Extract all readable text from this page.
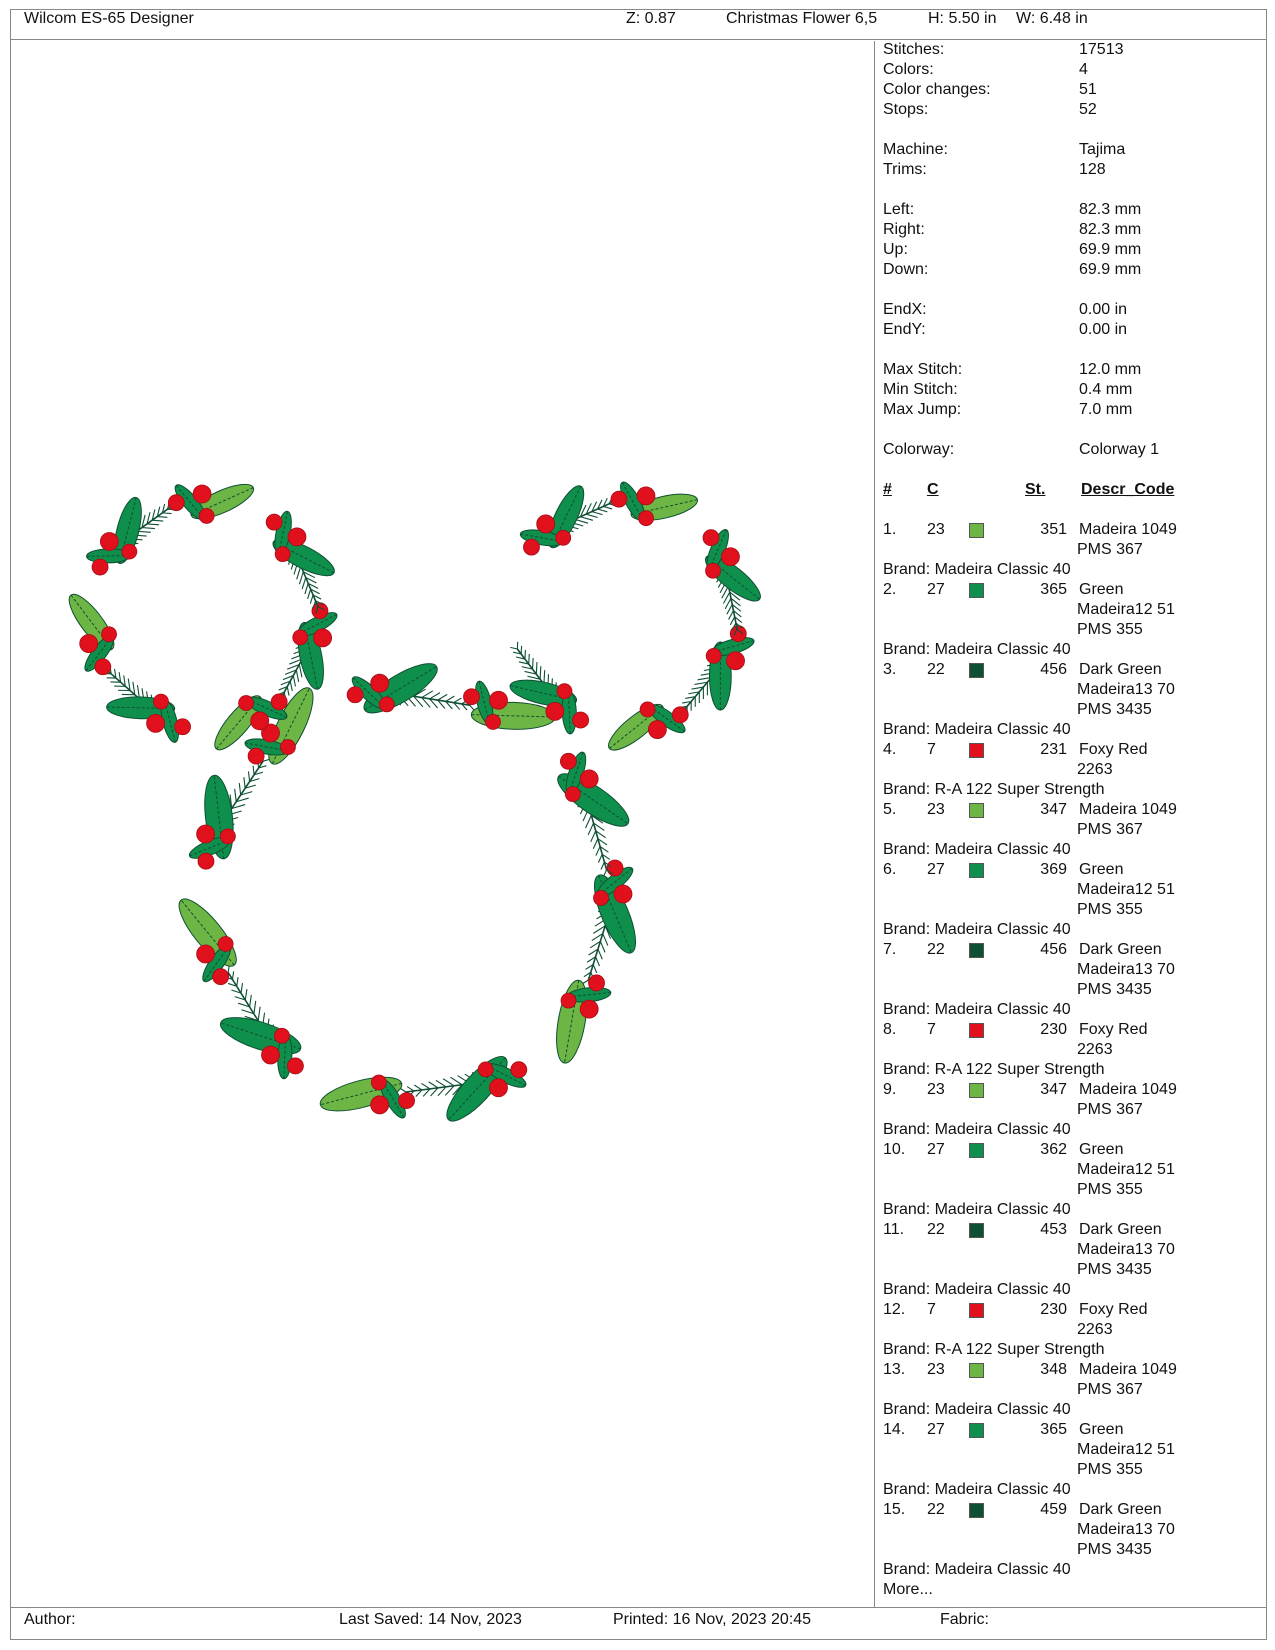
Wilcom ES-65 Designer	Z: 0.87	Christmas Flower 6,5	H: 5.50 in W: 6.48 in
Stitches:	17513
Colors:	4
Color changes:	51
Stops:	52
Machine:	Tajima
Trims:	128
Left:	82.3 mm
Right:	82.3 mm
Up:	69.9 mm
Down:	69.9 mm
EndX:	0.00 in
EndY:	0.00 in
Max Stitch:	12.0 mm
Min Stitch:	0.4 mm
Max Jump:	7.0 mm
Colorway:	Colorway 1
# C	St. Descr_Code
1. 23	351 Madeira 1049
PMS 367
Brand: Madeira Classic 40
2. 27	365 Green
Madeira12 51
PMS 355
Brand: Madeira Classic 40
3. 22	456 Dark Green
Madeira13 70
PMS 3435
Brand: Madeira Classic 40
4. 7	231 Foxy Red
2263
Brand: R-A 122 Super Strength
5. 23	347 Madeira 1049
PMS 367
Brand: Madeira Classic 40
6. 27	369 Green
Madeira12 51
PMS 355
Brand: Madeira Classic 40
7. 22	456 Dark Green
Madeira13 70
PMS 3435
Brand: Madeira Classic 40
8. 7	230 Foxy Red
2263
Brand: R-A 122 Super Strength
9. 23	347 Madeira 1049
PMS 367
Brand: Madeira Classic 40
10. 27	362 Green
Madeira12 51
PMS 355
Brand: Madeira Classic 40
11. 22	453 Dark Green
Madeira13 70
PMS 3435
Brand: Madeira Classic 40
12. 7	230 Foxy Red
2263
Brand: R-A 122 Super Strength
13. 23	348 Madeira 1049
PMS 367
Brand: Madeira Classic 40
14. 27	365 Green
Madeira12 51
PMS 355
Brand: Madeira Classic 40
15. 22	459 Dark Green
Madeira13 70
PMS 3435
Brand: Madeira Classic 40
More...
Author:	Last Saved: 14 Nov, 2023	Printed: 16 Nov, 2023 20:45	Fabric:
